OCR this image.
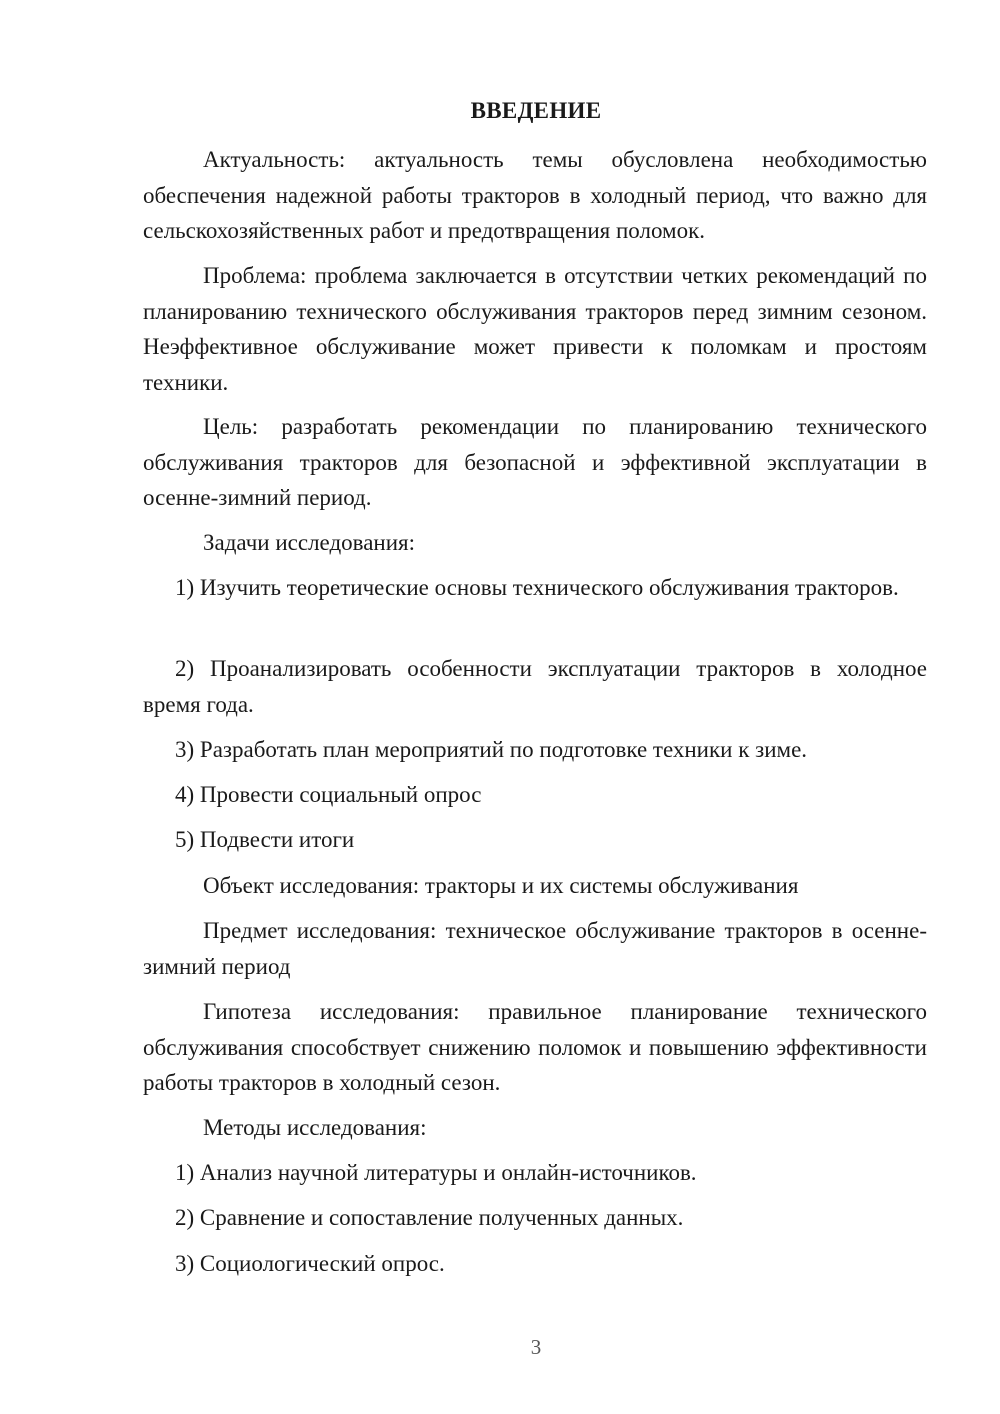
ВВЕДЕНИЕ
Актуальность: актуальность темы обусловлена необходимостью обеспечения надежной работы тракторов в холодный период, что важно для сельскохозяйственных работ и предотвращения поломок.
Проблема: проблема заключается в отсутствии четких рекомендаций по планированию технического обслуживания тракторов перед зимним сезоном. Неэффективное обслуживание может привести к поломкам и простоям техники.
Цель: разработать рекомендации по планированию технического обслуживания тракторов для безопасной и эффективной эксплуатации в осенне-зимний период.
Задачи исследования:
1) Изучить теоретические основы технического обслуживания тракторов.
2) Проанализировать особенности эксплуатации тракторов в холодное время года.
3) Разработать план мероприятий по подготовке техники к зиме.
4) Провести социальный опрос
5) Подвести итоги
Объект исследования: тракторы и их системы обслуживания
Предмет исследования: техническое обслуживание тракторов в осенне-зимний период
Гипотеза исследования: правильное планирование технического обслуживания способствует снижению поломок и повышению эффективности работы тракторов в холодный сезон.
Методы исследования:
1) Анализ научной литературы и онлайн-источников.
2) Сравнение и сопоставление полученных данных.
3) Социологический опрос.
3
